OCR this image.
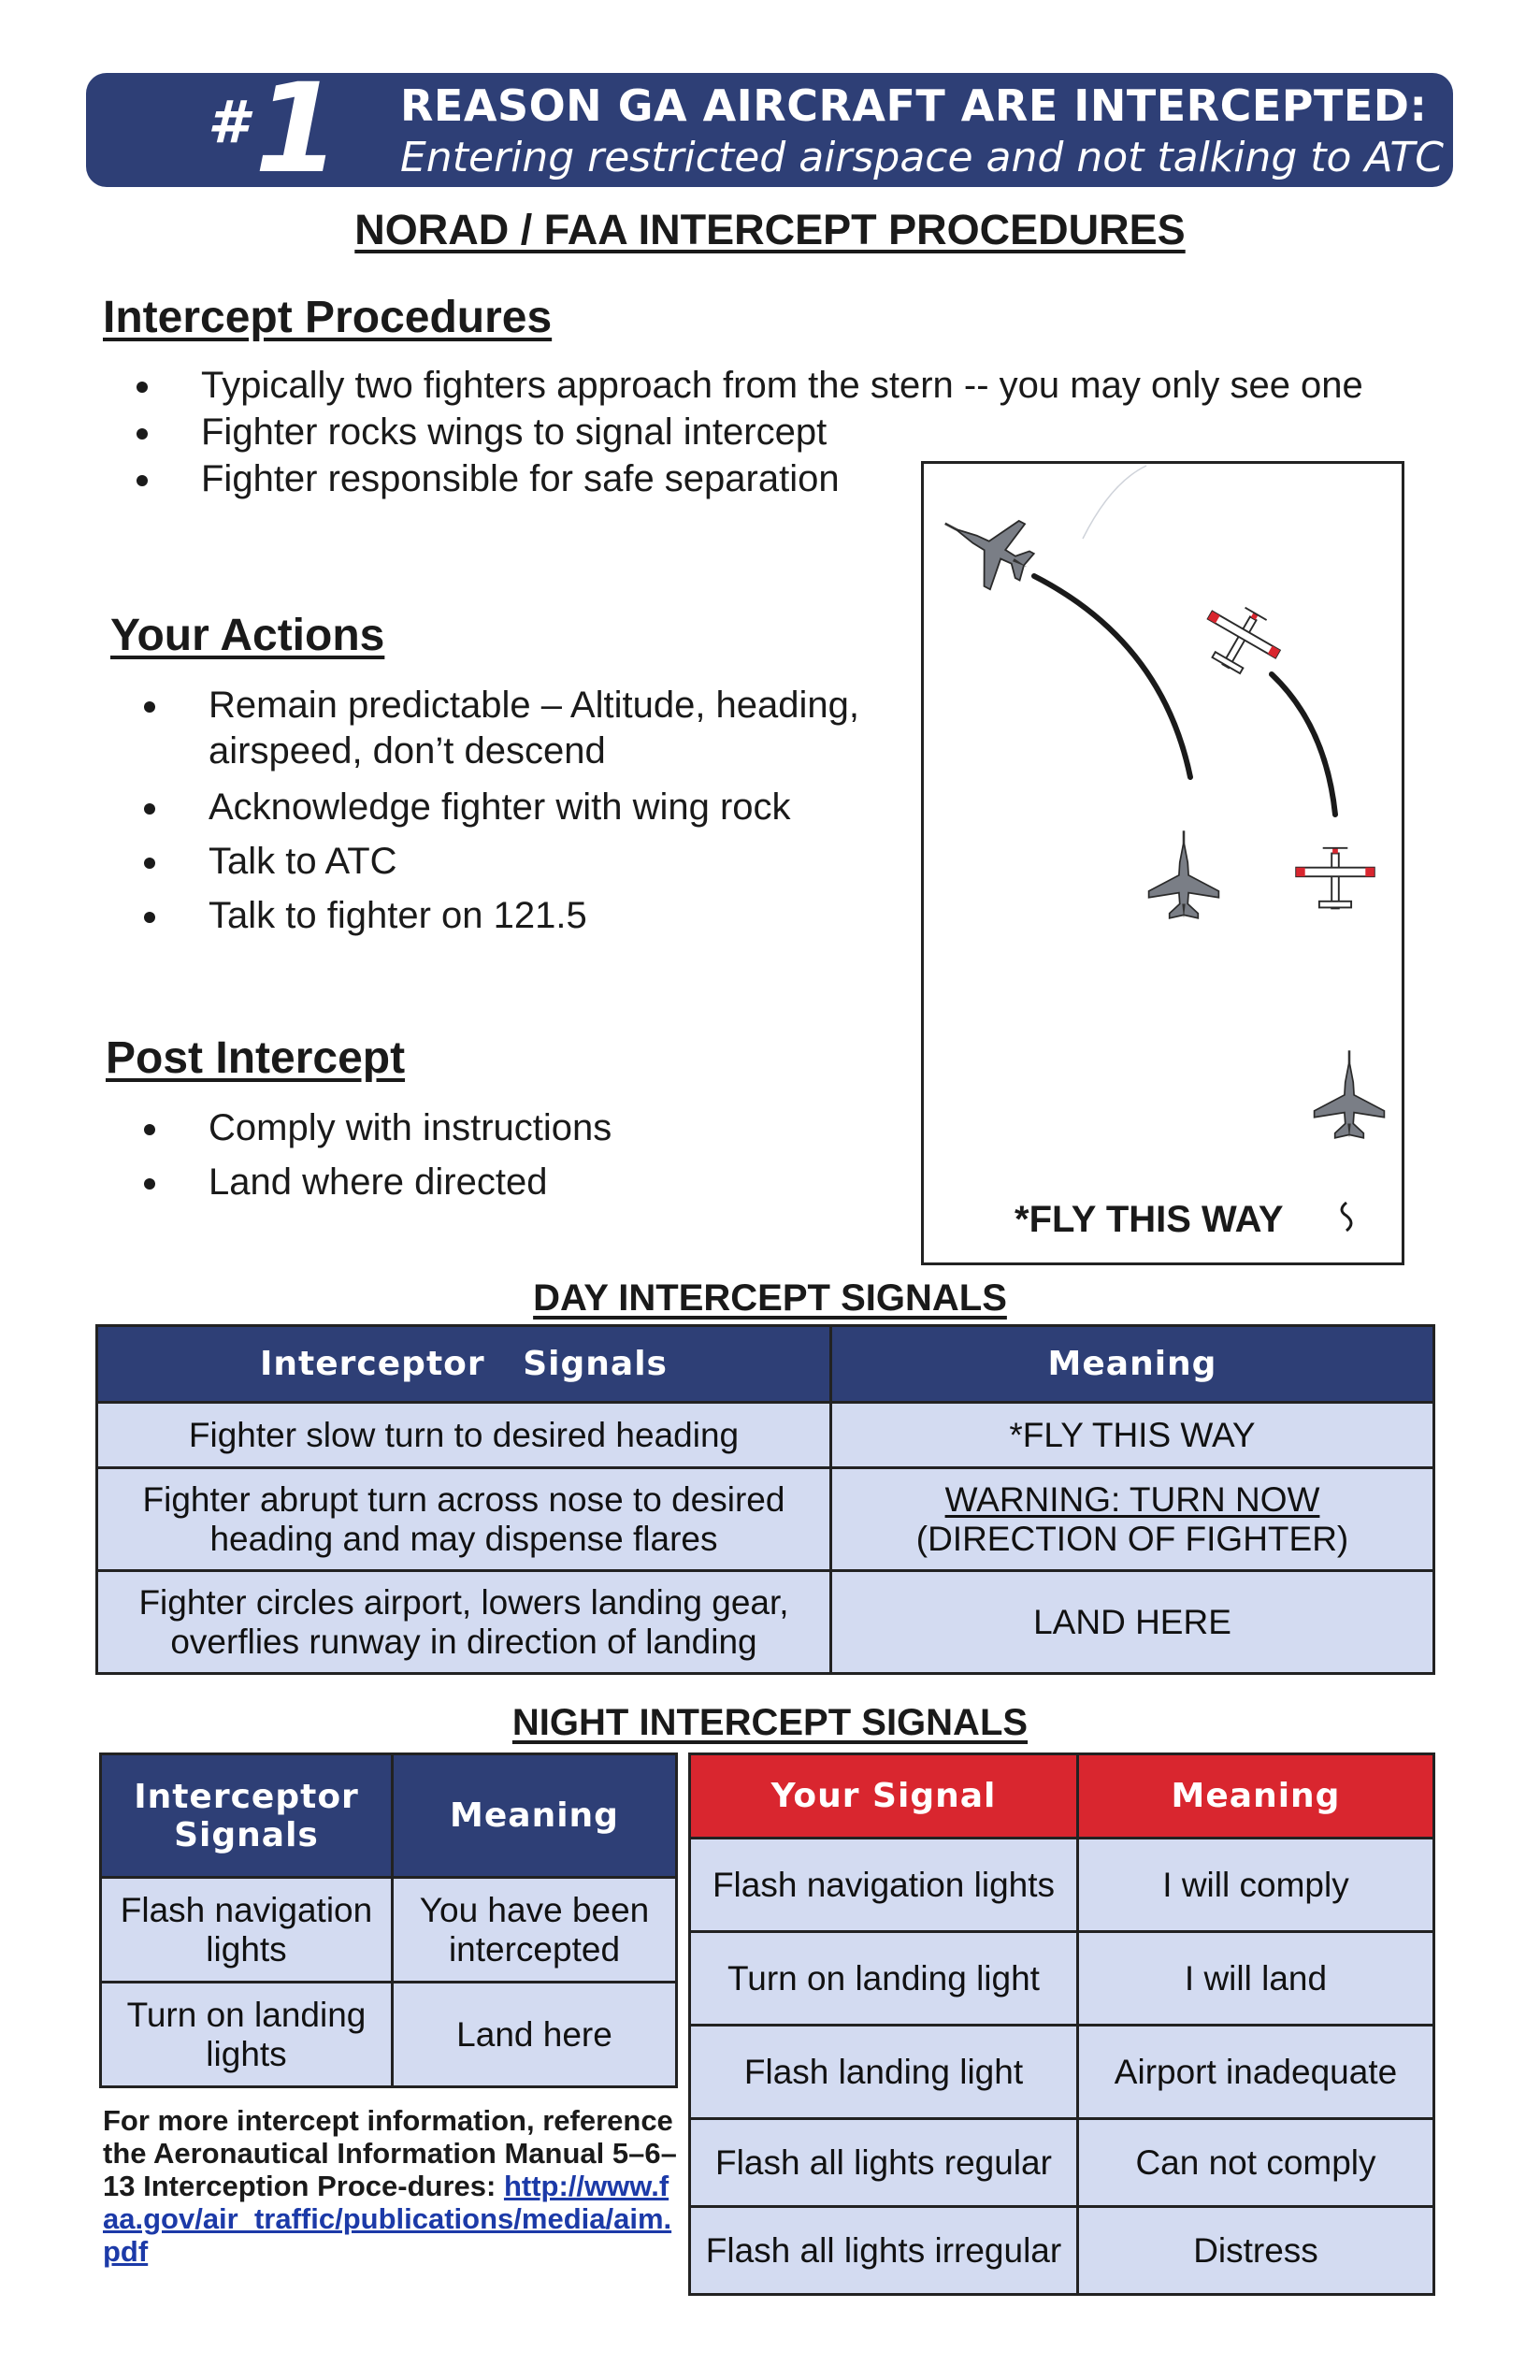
# 1 REASON GA AIRCRAFT ARE INTERCEPTED:
Entering restricted airspace and not talking to ATC
NORAD / FAA INTERCEPT PROCEDURES
Intercept Procedures
Typically two fighters approach from the stern -- you may only see one
Fighter rocks wings to signal intercept
Fighter responsible for safe separation
Your Actions
Remain predictable – Altitude, heading, airspeed, don’t descend
Acknowledge fighter with wing rock
Talk to ATC
Talk to fighter on 121.5
Post Intercept
Comply with instructions
Land where directed
*FLY THIS WAY
DAY INTERCEPT SIGNALS
Interceptor   Signals	Meaning
Fighter slow turn to desired heading	*FLY THIS WAY
Fighter abrupt turn across nose to desired heading and may dispense flares	WARNING: TURN NOW
(DIRECTION OF FIGHTER)

Fighter circles airport, lowers landing gear, overflies runway in direction of landing	LAND HERE
NIGHT INTERCEPT SIGNALS
Interceptor Signals	Meaning
Flash navigation lights	You have been intercepted
Turn on landing lights	Land here
Your Signal	Meaning
Flash navigation lights	I will comply
Turn on landing light	I will land
Flash landing light	Airport inadequate
Flash all lights regular	Can not comply
Flash all lights irregular	Distress
For more intercept information, reference the Aeronautical Information Manual 5–6–13 Interception Proce-dures: http://www.faa.gov/air_traffic/publications/media/aim.pdf
